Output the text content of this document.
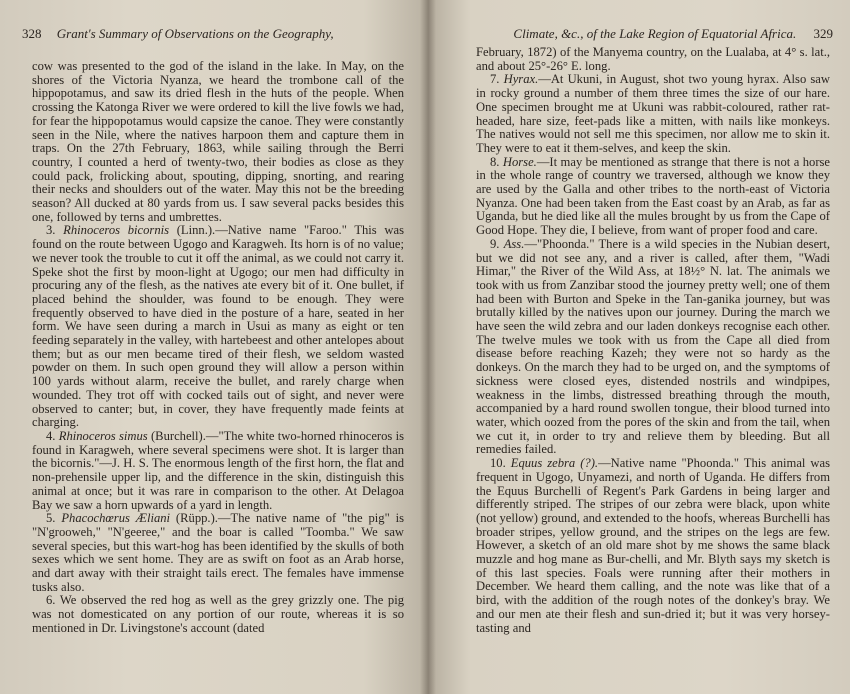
328 Grant's Summary of Observations on the Geography,

cow was presented to the god of the island in the lake. In May, on the shores of the Victoria Nyanza, we heard the trombone call of the hippopotamus, and saw its dried flesh in the huts of the people. When crossing the Katonga River we were ordered to kill the live fowls we had, for fear the hippopotamus would capsize the canoe. They were constantly seen in the Nile, where the natives harpoon them and capture them in traps. On the 27th February, 1863, while sailing through the Berri country, I counted a herd of twenty-two, their bodies as close as they could pack, frolicking about, spouting, dipping, snorting, and rearing their necks and shoulders out of the water. May this not be the breeding season? All ducked at 80 yards from us. I saw several packs besides this one, followed by terns and umbrettes.

3. Rhinoceros bicornis (Linn.).—Native name "Faroo." This was found on the route between Ugogo and Karagweh. Its horn is of no value; we never took the trouble to cut it off the animal, as we could not carry it. Speke shot the first by moon-light at Ugogo; our men had difficulty in procuring any of the flesh, as the natives ate every bit of it. One bullet, if placed behind the shoulder, was found to be enough. They were frequently observed to have died in the posture of a hare, seated in her form. We have seen during a march in Usui as many as eight or ten feeding separately in the valley, with hartebeest and other antelopes about them; but as our men became tired of their flesh, we seldom wasted powder on them. In such open ground they will allow a person within 100 yards without alarm, receive the bullet, and rarely charge when wounded. They trot off with cocked tails out of sight, and never were observed to canter; but, in cover, they have frequently made feints at charging.

4. Rhinoceros simus (Burchell).—"The white two-horned rhinoceros is found in Karagweh, where several specimens were shot. It is larger than the bicornis."—J. H. S. The enormous length of the first horn, the flat and non-prehensile upper lip, and the difference in the skin, distinguish this animal at once; but it was rare in comparison to the other. At Delagoa Bay we saw a horn upwards of a yard in length.

5. Phacochœrus Æliani (Rüpp.).—The native name of "the pig" is "N'grooweh," "N'geeree," and the boar is called "Toomba." We saw several species, but this wart-hog has been identified by the skulls of both sexes which we sent home. They are as swift on foot as an Arab horse, and dart away with their straight tails erect. The females have immense tusks also.

6. We observed the red hog as well as the grey grizzly one. The pig was not domesticated on any portion of our route, whereas it is so mentioned in Dr. Livingstone's account (dated

Climate, &c., of the Lake Region of Equatorial Africa. 329

February, 1872) of the Manyema country, on the Lualaba, at 4° s. lat., and about 25°-26° E. long.

7. Hyrax.—At Ukuni, in August, shot two young hyrax. Also saw in rocky ground a number of them three times the size of our hare. One specimen brought me at Ukuni was rabbit-coloured, rather rat-headed, hare size, feet-pads like a mitten, with nails like monkeys. The natives would not sell me this specimen, nor allow me to skin it. They were to eat it them-selves, and keep the skin.

8. Horse.—It may be mentioned as strange that there is not a horse in the whole range of country we traversed, although we know they are used by the Galla and other tribes to the north-east of Victoria Nyanza. One had been taken from the East coast by an Arab, as far as Uganda, but he died like all the mules brought by us from the Cape of Good Hope. They die, I believe, from want of proper food and care.

9. Ass.—"Phoonda." There is a wild species in the Nubian desert, but we did not see any, and a river is called, after them, "Wadi Himar," the River of the Wild Ass, at 18½° N. lat. The animals we took with us from Zanzibar stood the journey pretty well; one of them had been with Burton and Speke in the Tan-ganika journey, but was brutally killed by the natives upon our journey. During the march we have seen the wild zebra and our laden donkeys recognise each other. The twelve mules we took with us from the Cape all died from disease before reaching Kazeh; they were not so hardy as the donkeys. On the march they had to be urged on, and the symptoms of sickness were closed eyes, distended nostrils and windpipes, weakness in the limbs, distressed breathing through the mouth, accompanied by a hard round swollen tongue, their blood turned into water, which oozed from the pores of the skin and from the tail, when we cut it, in order to try and relieve them by bleeding. But all remedies failed.

10. Equus zebra (?).—Native name "Phoonda." This animal was frequent in Ugogo, Unyamezi, and north of Uganda. He differs from the Equus Burchelli of Regent's Park Gardens in being larger and differently striped. The stripes of our zebra were black, upon white (not yellow) ground, and extended to the hoofs, whereas Burchelli has broader stripes, yellow ground, and the stripes on the legs are few. However, a sketch of an old mare shot by me shows the same black muzzle and hog mane as Bur-chelli, and Mr. Blyth says my sketch is of this last species. Foals were running after their mothers in December. We heard them calling, and the note was like that of a bird, with the addition of the rough notes of the donkey's bray. We and our men ate their flesh and sun-dried it; but it was very horsey-tasting and
